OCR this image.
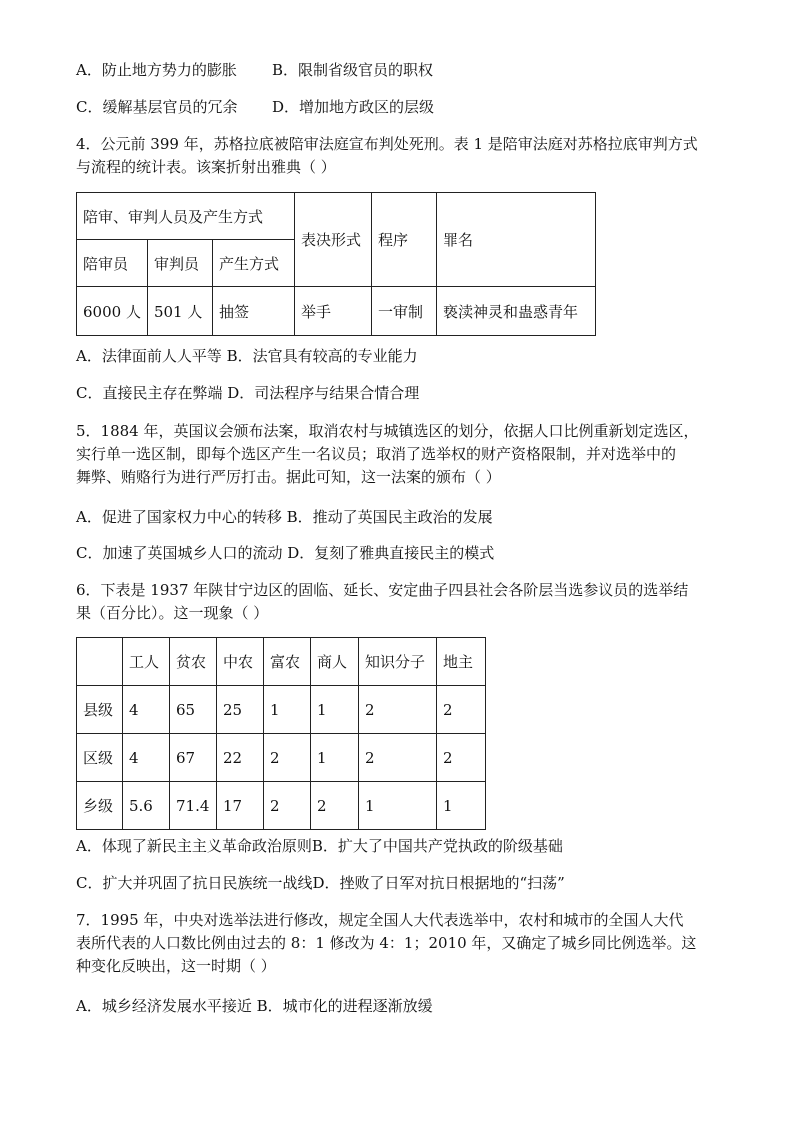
A．防止地方势力的膨胀 B．限制省级官员的职权
C．缓解基层官员的冗余 D．增加地方政区的层级
4．公元前 399 年，苏格拉底被陪审法庭宣布判处死刑。表 1 是陪审法庭对苏格拉底审判方式
与流程的统计表。该案折射出雅典（ ）
陪审、审判人员及产生方式			表决形式	程序	罪名
陪审员	审判员	产生方式			
6000 人	501 人	抽签	举手	一审制	亵渎神灵和蛊惑青年
A．法律面前人人平等 B．法官具有较高的专业能力
C．直接民主存在弊端 D．司法程序与结果合情合理
5．1884 年，英国议会颁布法案，取消农村与城镇选区的划分，依据人口比例重新划定选区，
实行单一选区制，即每个选区产生一名议员；取消了选举权的财产资格限制，并对选举中的
舞弊、贿赂行为进行严厉打击。据此可知，这一法案的颁布（ ）
A．促进了国家权力中心的转移 B．推动了英国民主政治的发展
C．加速了英国城乡人口的流动 D．复刻了雅典直接民主的模式
6．下表是 1937 年陕甘宁边区的固临、延长、安定曲子四县社会各阶层当选参议员的选举结
果（百分比）。这一现象（ ）
	工人	贫农	中农	富农	商人	知识分子	地主
县级	4	65	25	1	1	2	2
区级	4	67	22	2	1	2	2
乡级	5.6	71.4	17	2	2	1	1
A．体现了新民主主义革命政治原则B．扩大了中国共产党执政的阶级基础
C．扩大并巩固了抗日民族统一战线D．挫败了日军对抗日根据地的“扫荡”
7．1995 年，中央对选举法进行修改，规定全国人大代表选举中，农村和城市的全国人大代
表所代表的人口数比例由过去的 8：1 修改为 4：1；2010 年，又确定了城乡同比例选举。这
种变化反映出，这一时期（ ）
A．城乡经济发展水平接近 B．城市化的进程逐渐放缓
